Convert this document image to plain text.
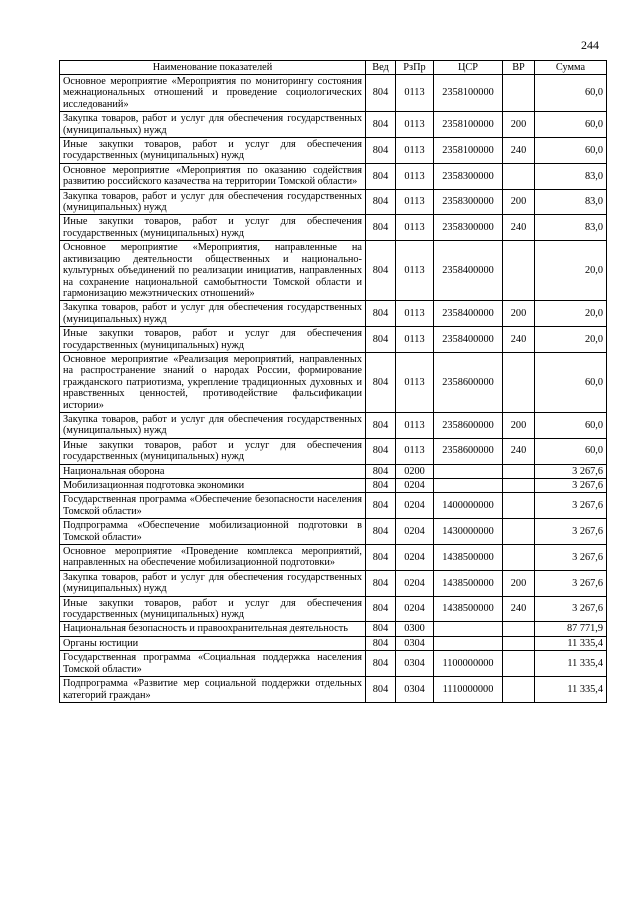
244
Наименование показателей	Вед	РзПр	ЦСР	ВР	Сумма
Основное мероприятие «Мероприятия по мониторингу состояния межнациональных отношений и проведение социологических исследований»	804	0113	2358100000		60,0
Закупка товаров, работ и услуг для обеспечения государственных (муниципальных) нужд	804	0113	2358100000	200	60,0
Иные закупки товаров, работ и услуг для обеспечения государственных (муниципальных) нужд	804	0113	2358100000	240	60,0
Основное мероприятие «Мероприятия по оказанию содействия развитию российского казачества на территории Томской области»	804	0113	2358300000		83,0
Закупка товаров, работ и услуг для обеспечения государственных (муниципальных) нужд	804	0113	2358300000	200	83,0
Иные закупки товаров, работ и услуг для обеспечения государственных (муниципальных) нужд	804	0113	2358300000	240	83,0
Основное мероприятие «Мероприятия, направленные на активизацию деятельности общественных и национально-культурных объединений по реализации инициатив, направленных на сохранение национальной самобытности Томской области и гармонизацию межэтнических отношений»	804	0113	2358400000		20,0
Закупка товаров, работ и услуг для обеспечения государственных (муниципальных) нужд	804	0113	2358400000	200	20,0
Иные закупки товаров, работ и услуг для обеспечения государственных (муниципальных) нужд	804	0113	2358400000	240	20,0
Основное мероприятие «Реализация мероприятий, направленных на распространение знаний о народах России, формирование гражданского патриотизма, укрепление традиционных духовных и нравственных ценностей, противодействие фальсификации истории»	804	0113	2358600000		60,0
Закупка товаров, работ и услуг для обеспечения государственных (муниципальных) нужд	804	0113	2358600000	200	60,0
Иные закупки товаров, работ и услуг для обеспечения государственных (муниципальных) нужд	804	0113	2358600000	240	60,0
Национальная оборона	804	0200			3 267,6
Мобилизационная подготовка экономики	804	0204			3 267,6
Государственная программа «Обеспечение безопасности населения Томской области»	804	0204	1400000000		3 267,6
Подпрограмма «Обеспечение мобилизационной подготовки в Томской области»	804	0204	1430000000		3 267,6
Основное мероприятие «Проведение комплекса мероприятий, направленных на обеспечение мобилизационной подготовки»	804	0204	1438500000		3 267,6
Закупка товаров, работ и услуг для обеспечения государственных (муниципальных) нужд	804	0204	1438500000	200	3 267,6
Иные закупки товаров, работ и услуг для обеспечения государственных (муниципальных) нужд	804	0204	1438500000	240	3 267,6
Национальная безопасность и правоохранительная деятельность	804	0300			87 771,9
Органы юстиции	804	0304			11 335,4
Государственная программа «Социальная поддержка населения Томской области»	804	0304	1100000000		11 335,4
Подпрограмма «Развитие мер социальной поддержки отдельных категорий граждан»	804	0304	1110000000		11 335,4
